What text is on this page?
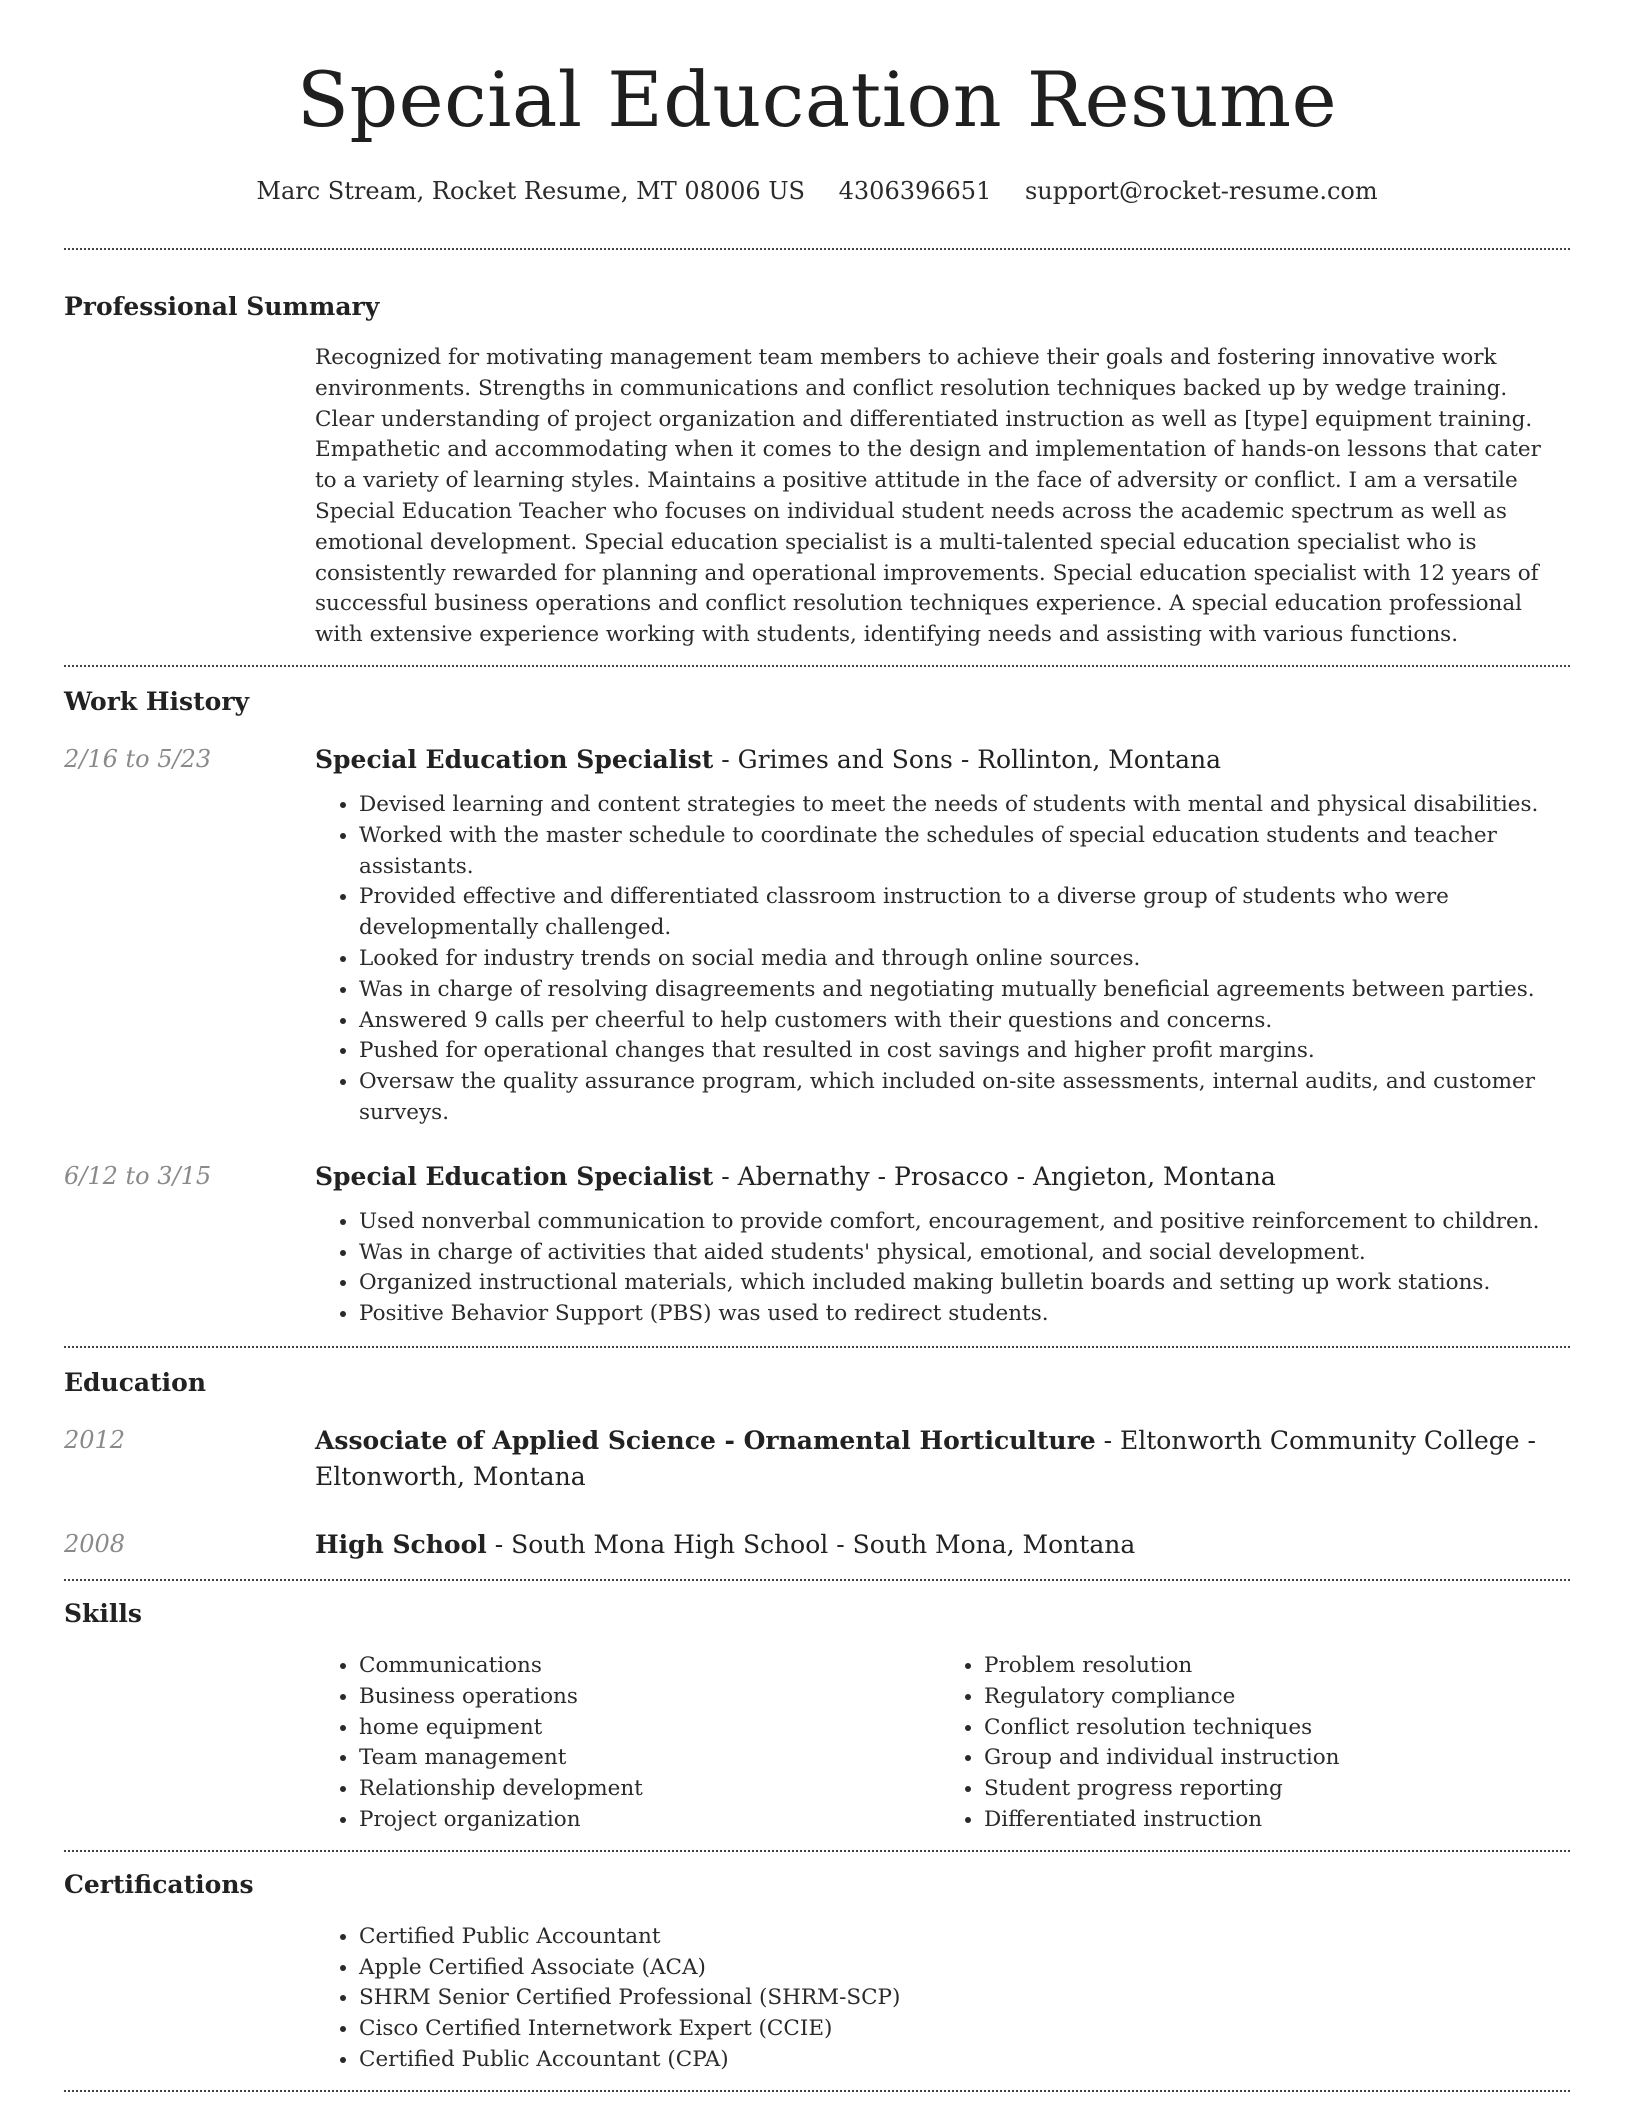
Special Education Resume
Marc Stream, Rocket Resume, MT 08006 US 4306396651 support@rocket-resume.com
Professional Summary

Recognized for motivating management team members to achieve their goals and fostering innovative work environments. Strengths in communications and conflict resolution techniques backed up by wedge training. Clear understanding of project organization and differentiated instruction as well as [type] equipment training. Empathetic and accommodating when it comes to the design and implementation of hands-on lessons that cater to a variety of learning styles. Maintains a positive attitude in the face of adversity or conflict. I am a versatile Special Education Teacher who focuses on individual student needs across the academic spectrum as well as emotional development. Special education specialist is a multi-talented special education specialist who is consistently rewarded for planning and operational improvements. Special education specialist with 12 years of successful business operations and conflict resolution techniques experience. A special education professional with extensive experience working with students, identifying needs and assisting with various functions.

Work History
2/16 to 5/23	Special Education Specialist - Grimes and Sons - Rollinton, Montana

• Devised learning and content strategies to meet the needs of students with mental and physical disabilities.
• Worked with the master schedule to coordinate the schedules of special education students and teacher assistants.
• Provided effective and differentiated classroom instruction to a diverse group of students who were developmentally challenged.
• Looked for industry trends on social media and through online sources.
• Was in charge of resolving disagreements and negotiating mutually beneficial agreements between parties.
• Answered 9 calls per cheerful to help customers with their questions and concerns.
• Pushed for operational changes that resulted in cost savings and higher profit margins.
• Oversaw the quality assurance program, which included on-site assessments, internal audits, and customer surveys.
6/12 to 3/15	Special Education Specialist - Abernathy - Prosacco - Angieton, Montana

• Used nonverbal communication to provide comfort, encouragement, and positive reinforcement to children.
• Was in charge of activities that aided students' physical, emotional, and social development.
• Organized instructional materials, which included making bulletin boards and setting up work stations.
• Positive Behavior Support (PBS) was used to redirect students.
Education
2012	Associate of Applied Science - Ornamental Horticulture - Eltonworth Community College - Eltonworth, Montana

2008	High School - South Mona High School - South Mona, Montana

Skills
• Communications
• Business operations
• home equipment
• Team management
• Relationship development
• Project organization
• Problem resolution
• Regulatory compliance
• Conflict resolution techniques
• Group and individual instruction
• Student progress reporting
• Differentiated instruction
Certifications
• Certified Public Accountant
• Apple Certified Associate (ACA)
• SHRM Senior Certified Professional (SHRM-SCP)
• Cisco Certified Internetwork Expert (CCIE)
• Certified Public Accountant (CPA)
